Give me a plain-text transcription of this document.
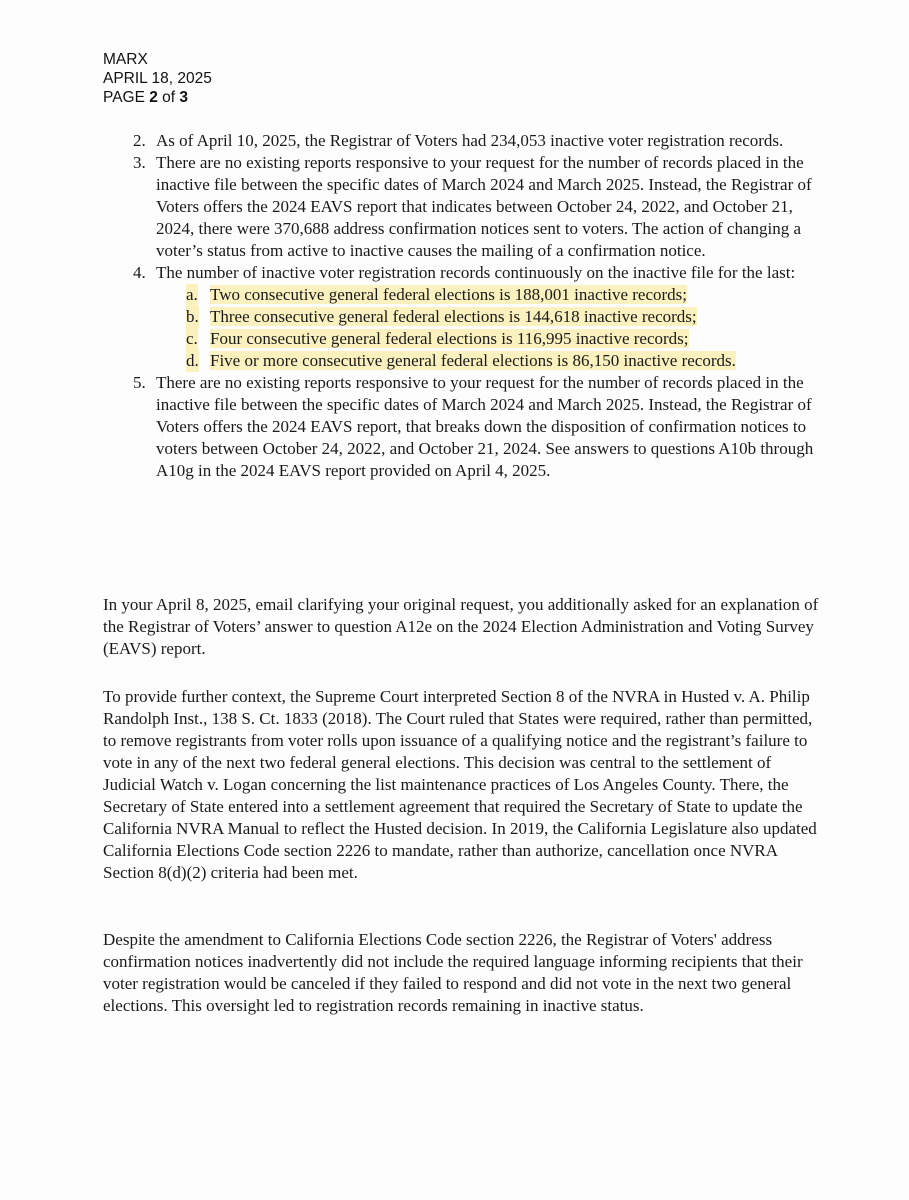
MARX
APRIL 18, 2025
PAGE 2 of 3
2. As of April 10, 2025, the Registrar of Voters had 234,053 inactive voter registration records.
3. There are no existing reports responsive to your request for the number of records placed in the inactive file between the specific dates of March 2024 and March 2025. Instead, the Registrar of Voters offers the 2024 EAVS report that indicates between October 24, 2022, and October 21, 2024, there were 370,688 address confirmation notices sent to voters. The action of changing a voter’s status from active to inactive causes the mailing of a confirmation notice.
4. The number of inactive voter registration records continuously on the inactive file for the last:
a. Two consecutive general federal elections is 188,001 inactive records;
b. Three consecutive general federal elections is 144,618 inactive records;
c. Four consecutive general federal elections is 116,995 inactive records;
d. Five or more consecutive general federal elections is 86,150 inactive records.
5. There are no existing reports responsive to your request for the number of records placed in the inactive file between the specific dates of March 2024 and March 2025. Instead, the Registrar of Voters offers the 2024 EAVS report, that breaks down the disposition of confirmation notices to voters between October 24, 2022, and October 21, 2024. See answers to questions A10b through A10g in the 2024 EAVS report provided on April 4, 2025.
In your April 8, 2025, email clarifying your original request, you additionally asked for an explanation of the Registrar of Voters’ answer to question A12e on the 2024 Election Administration and Voting Survey (EAVS) report.
To provide further context, the Supreme Court interpreted Section 8 of the NVRA in Husted v. A. Philip Randolph Inst., 138 S. Ct. 1833 (2018). The Court ruled that States were required, rather than permitted, to remove registrants from voter rolls upon issuance of a qualifying notice and the registrant’s failure to vote in any of the next two federal general elections. This decision was central to the settlement of Judicial Watch v. Logan concerning the list maintenance practices of Los Angeles County. There, the Secretary of State entered into a settlement agreement that required the Secretary of State to update the California NVRA Manual to reflect the Husted decision. In 2019, the California Legislature also updated California Elections Code section 2226 to mandate, rather than authorize, cancellation once NVRA Section 8(d)(2) criteria had been met.
Despite the amendment to California Elections Code section 2226, the Registrar of Voters' address confirmation notices inadvertently did not include the required language informing recipients that their voter registration would be canceled if they failed to respond and did not vote in the next two general elections. This oversight led to registration records remaining in inactive status.
